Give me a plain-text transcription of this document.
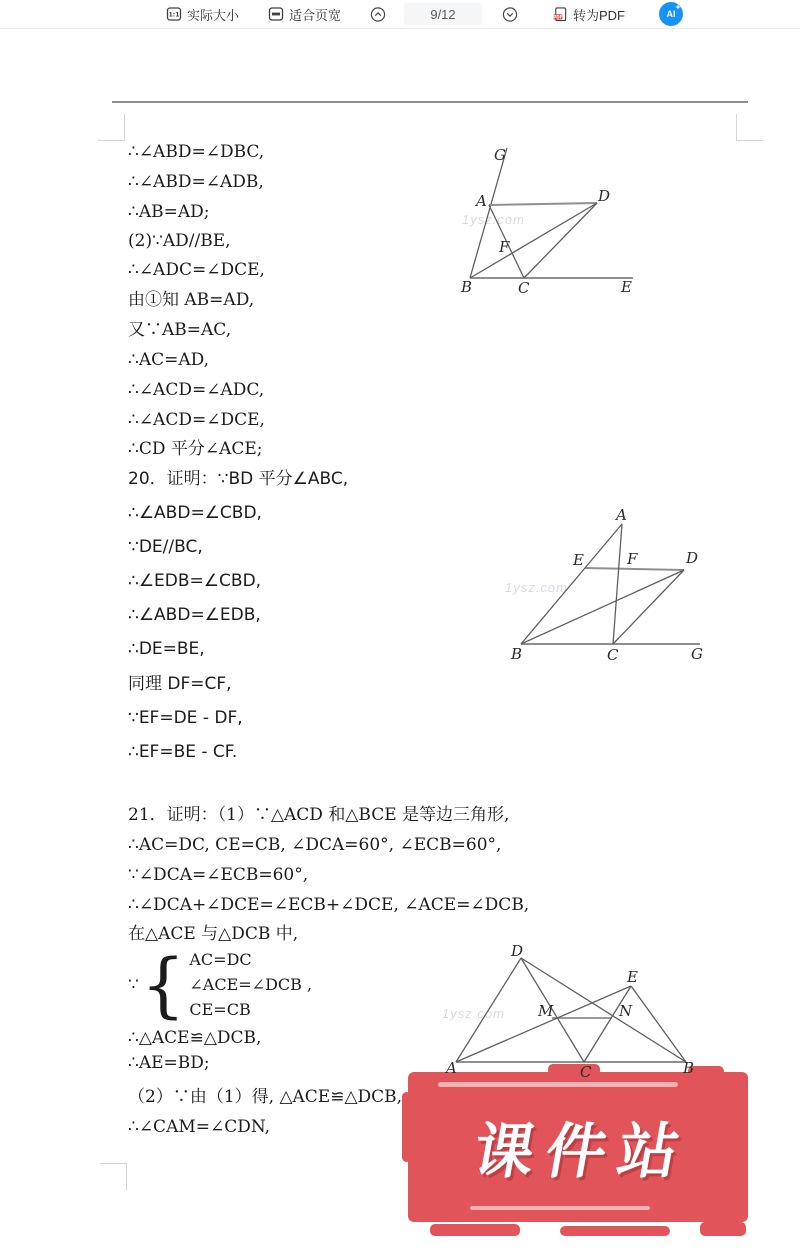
1:1 实际大小	适合页宽	9/12	PDF 转为PDF	AI
1ysz.com
1ysz.com
1ysz.com
∴∠ABD=∠DBC,
∴∠ABD=∠ADB,
∴AB=AD;
(2)∵AD//BE,
∴∠ADC=∠DCE,
由①知 AB=AD,
又∵AB=AC,
∴AC=AD,
∴∠ACD=∠ADC,
∴∠ACD=∠DCE,
∴CD 平分∠ACE;
20．证明：∵BD 平分∠ABC,
∴∠ABD=∠CBD,
∵DE//BC,
∴∠EDB=∠CBD,
∴∠ABD=∠EDB,
∴DE=BE,
同理 DF=CF,
∵EF=DE - DF,
∴EF=BE - CF.
21．证明：（1）∵△ACD 和△BCE 是等边三角形,
∴AC=DC, CE=CB, ∠DCA=60°, ∠ECB=60°,
∵∠DCA=∠ECB=60°,
∴∠DCA+∠DCE=∠ECB+∠DCE, ∠ACE=∠DCB,
在△ACE 与△DCB 中,
∵ { AC=DC
∠ACE=∠DCB ,
CE=CB
∴△ACE≌△DCB,
∴AE=BD;
（2）∵由（1）得, △ACE≌△DCB,
∴∠CAM=∠CDN,
G
A	D
F
B	C	E
A
E	F	D
B	C	G
课件站
D
E
M	N
A	C	B
